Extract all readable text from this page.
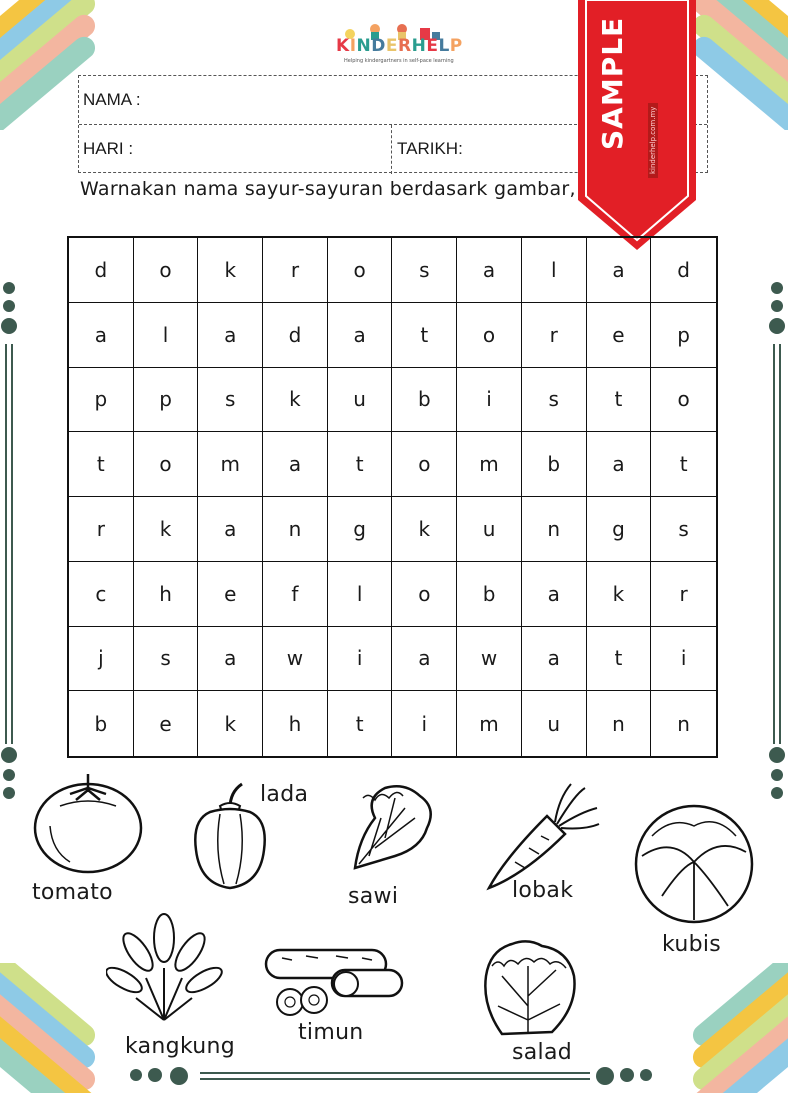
KINDERHELP
Helping kindergartners in self-pace learning
NAMA :
HARI :	TARIKH:
Warnakan nama sayur-sayuran berdasark gambar,
SAMPLE	kinderhelp.com.my
d	o	k	r	o	s	a	l	a	d
a	l	a	d	a	t	o	r	e	p
p	p	s	k	u	b	i	s	t	o
t	o	m	a	t	o	m	b	a	t
r	k	a	n	g	k	u	n	g	s
c	h	e	f	l	o	b	a	k	r
j	s	a	w	i	a	w	a	t	i
b	e	k	h	t	i	m	u	n	n
tomato
lada
sawi	lobak
kubis
kangkung
timun
salad
